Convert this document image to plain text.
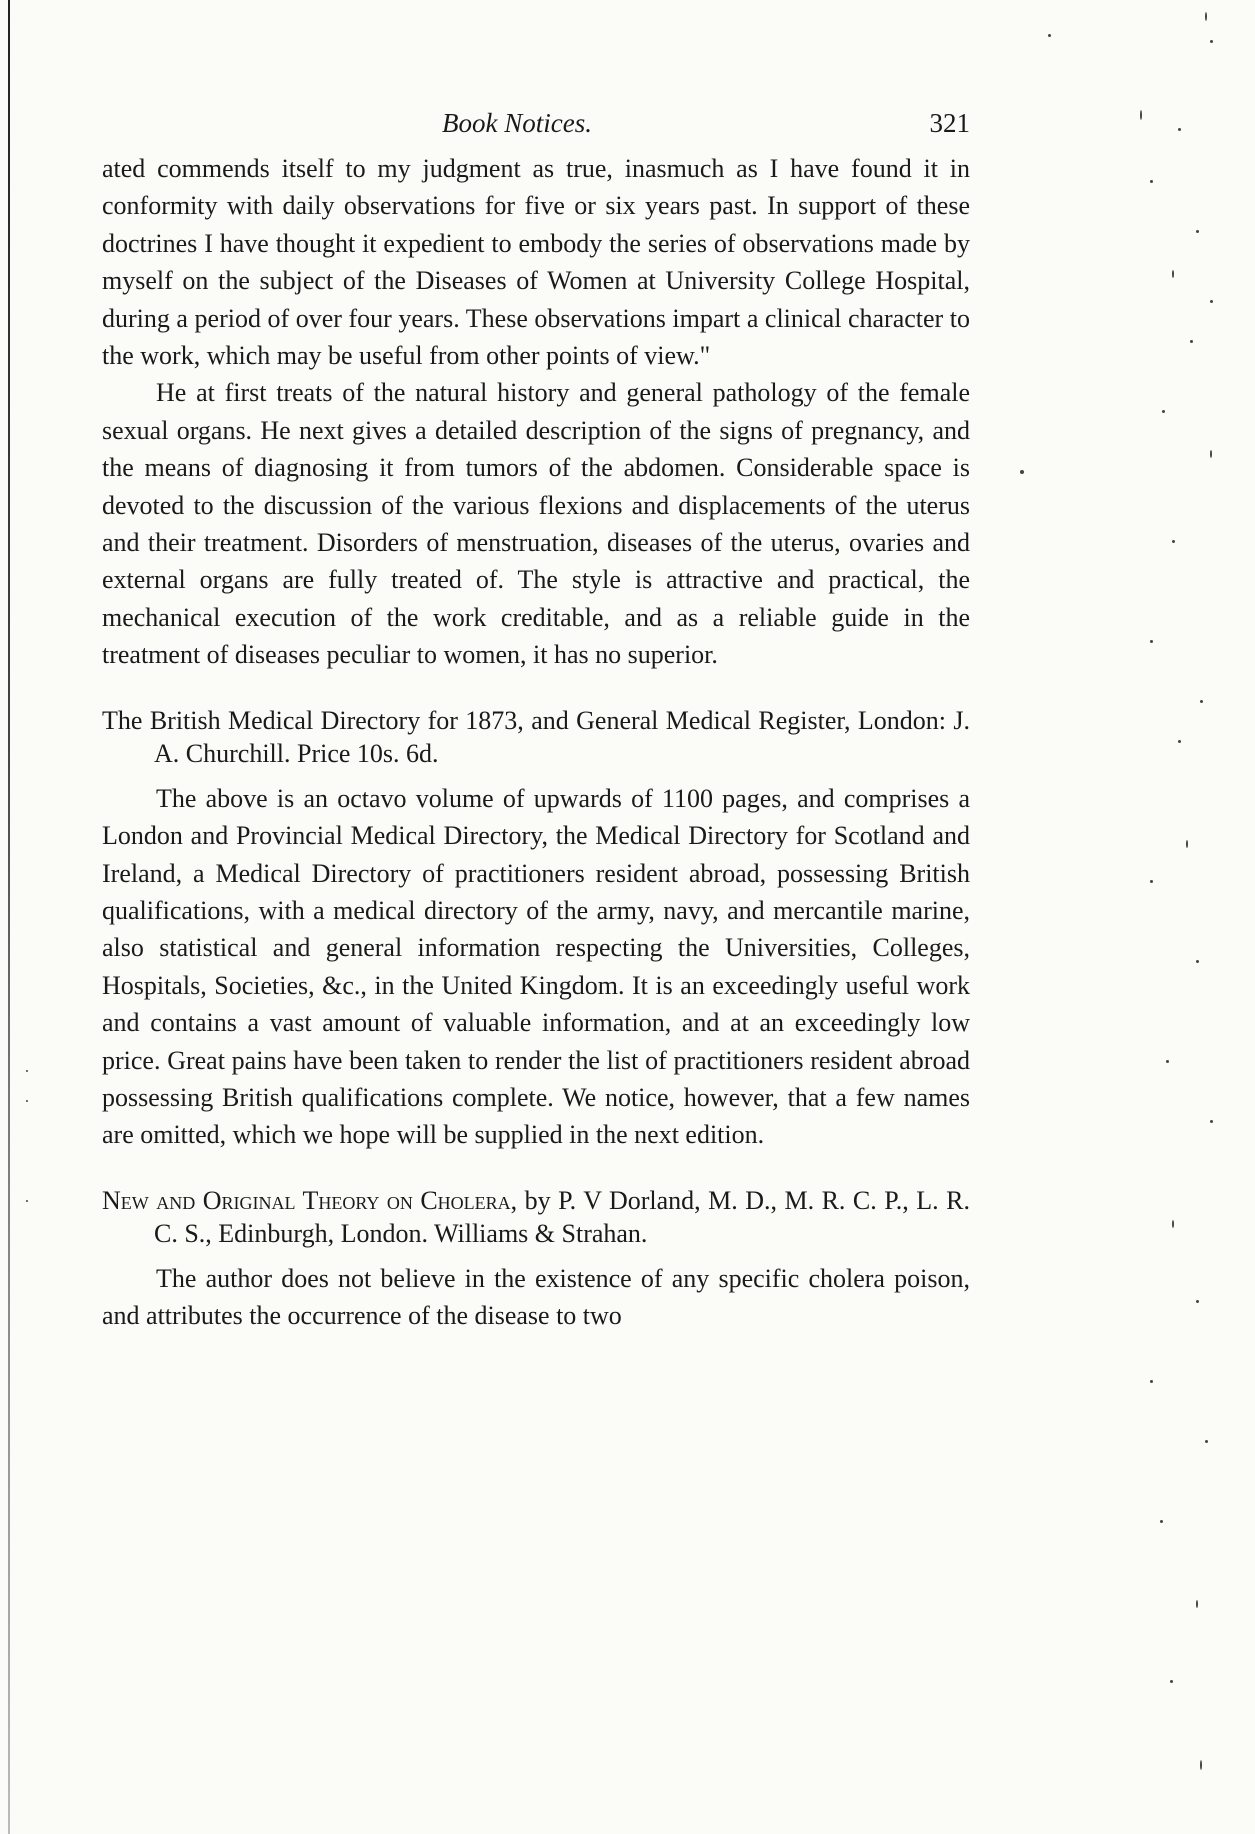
Book Notices.	321

ated commends itself to my judgment as true, inasmuch as I have found it in conformity with daily observations for five or six years past. In support of these doctrines I have thought it expedient to embody the series of observations made by myself on the subject of the Diseases of Women at University College Hospital, during a period of over four years. These observations impart a clinical character to the work, which may be useful from other points of view."

He at first treats of the natural history and general pathology of the female sexual organs. He next gives a detailed description of the signs of pregnancy, and the means of diagnosing it from tumors of the abdomen. Considerable space is devoted to the discussion of the various flexions and displacements of the uterus and their treatment. Disorders of menstruation, diseases of the uterus, ovaries and external organs are fully treated of. The style is attractive and practical, the mechanical execution of the work creditable, and as a reliable guide in the treatment of diseases peculiar to women, it has no superior.

The British Medical Directory for 1873, and General Medical Register, London: J. A. Churchill. Price 10s. 6d.

The above is an octavo volume of upwards of 1100 pages, and comprises a London and Provincial Medical Directory, the Medical Directory for Scotland and Ireland, a Medical Directory of practitioners resident abroad, possessing British qualifications, with a medical directory of the army, navy, and mercantile marine, also statistical and general information respecting the Universities, Colleges, Hospitals, Societies, &c., in the United Kingdom. It is an exceedingly useful work and contains a vast amount of valuable information, and at an exceedingly low price. Great pains have been taken to render the list of practitioners resident abroad possessing British qualifications complete. We notice, however, that a few names are omitted, which we hope will be supplied in the next edition.

New and Original Theory on Cholera, by P. V Dorland, M. D., M. R. C. P., L. R. C. S., Edinburgh, London. Williams & Strahan.

The author does not believe in the existence of any specific cholera poison, and attributes the occurrence of the disease to two
